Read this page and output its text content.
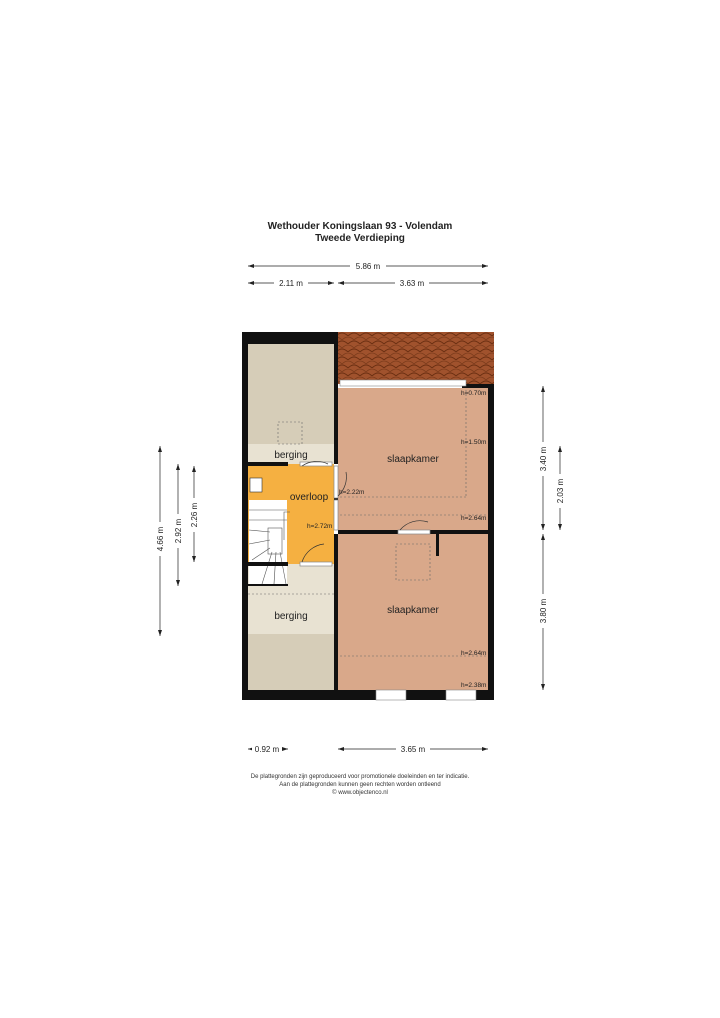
Wethouder Koningslaan 93 - Volendam
Tweede Verdieping
5.86 m
2.11 m	3.63 m
berging
overloop
berging
slaapkamer
slaapkamer
h=0.70m
h=1.50m
h=2.64m
h=2.22m
h=2.72m
h=2.64m
h=2.38m
4.66 m 2.92 m
2.26 m
3.40 m
2.03 m
3.80 m
0.92 m	3.65 m
De plattegronden zijn geproduceerd voor promotionele doeleinden en ter indicatie.
Aan de plattegronden kunnen geen rechten worden ontleend
© www.objectenco.nl
